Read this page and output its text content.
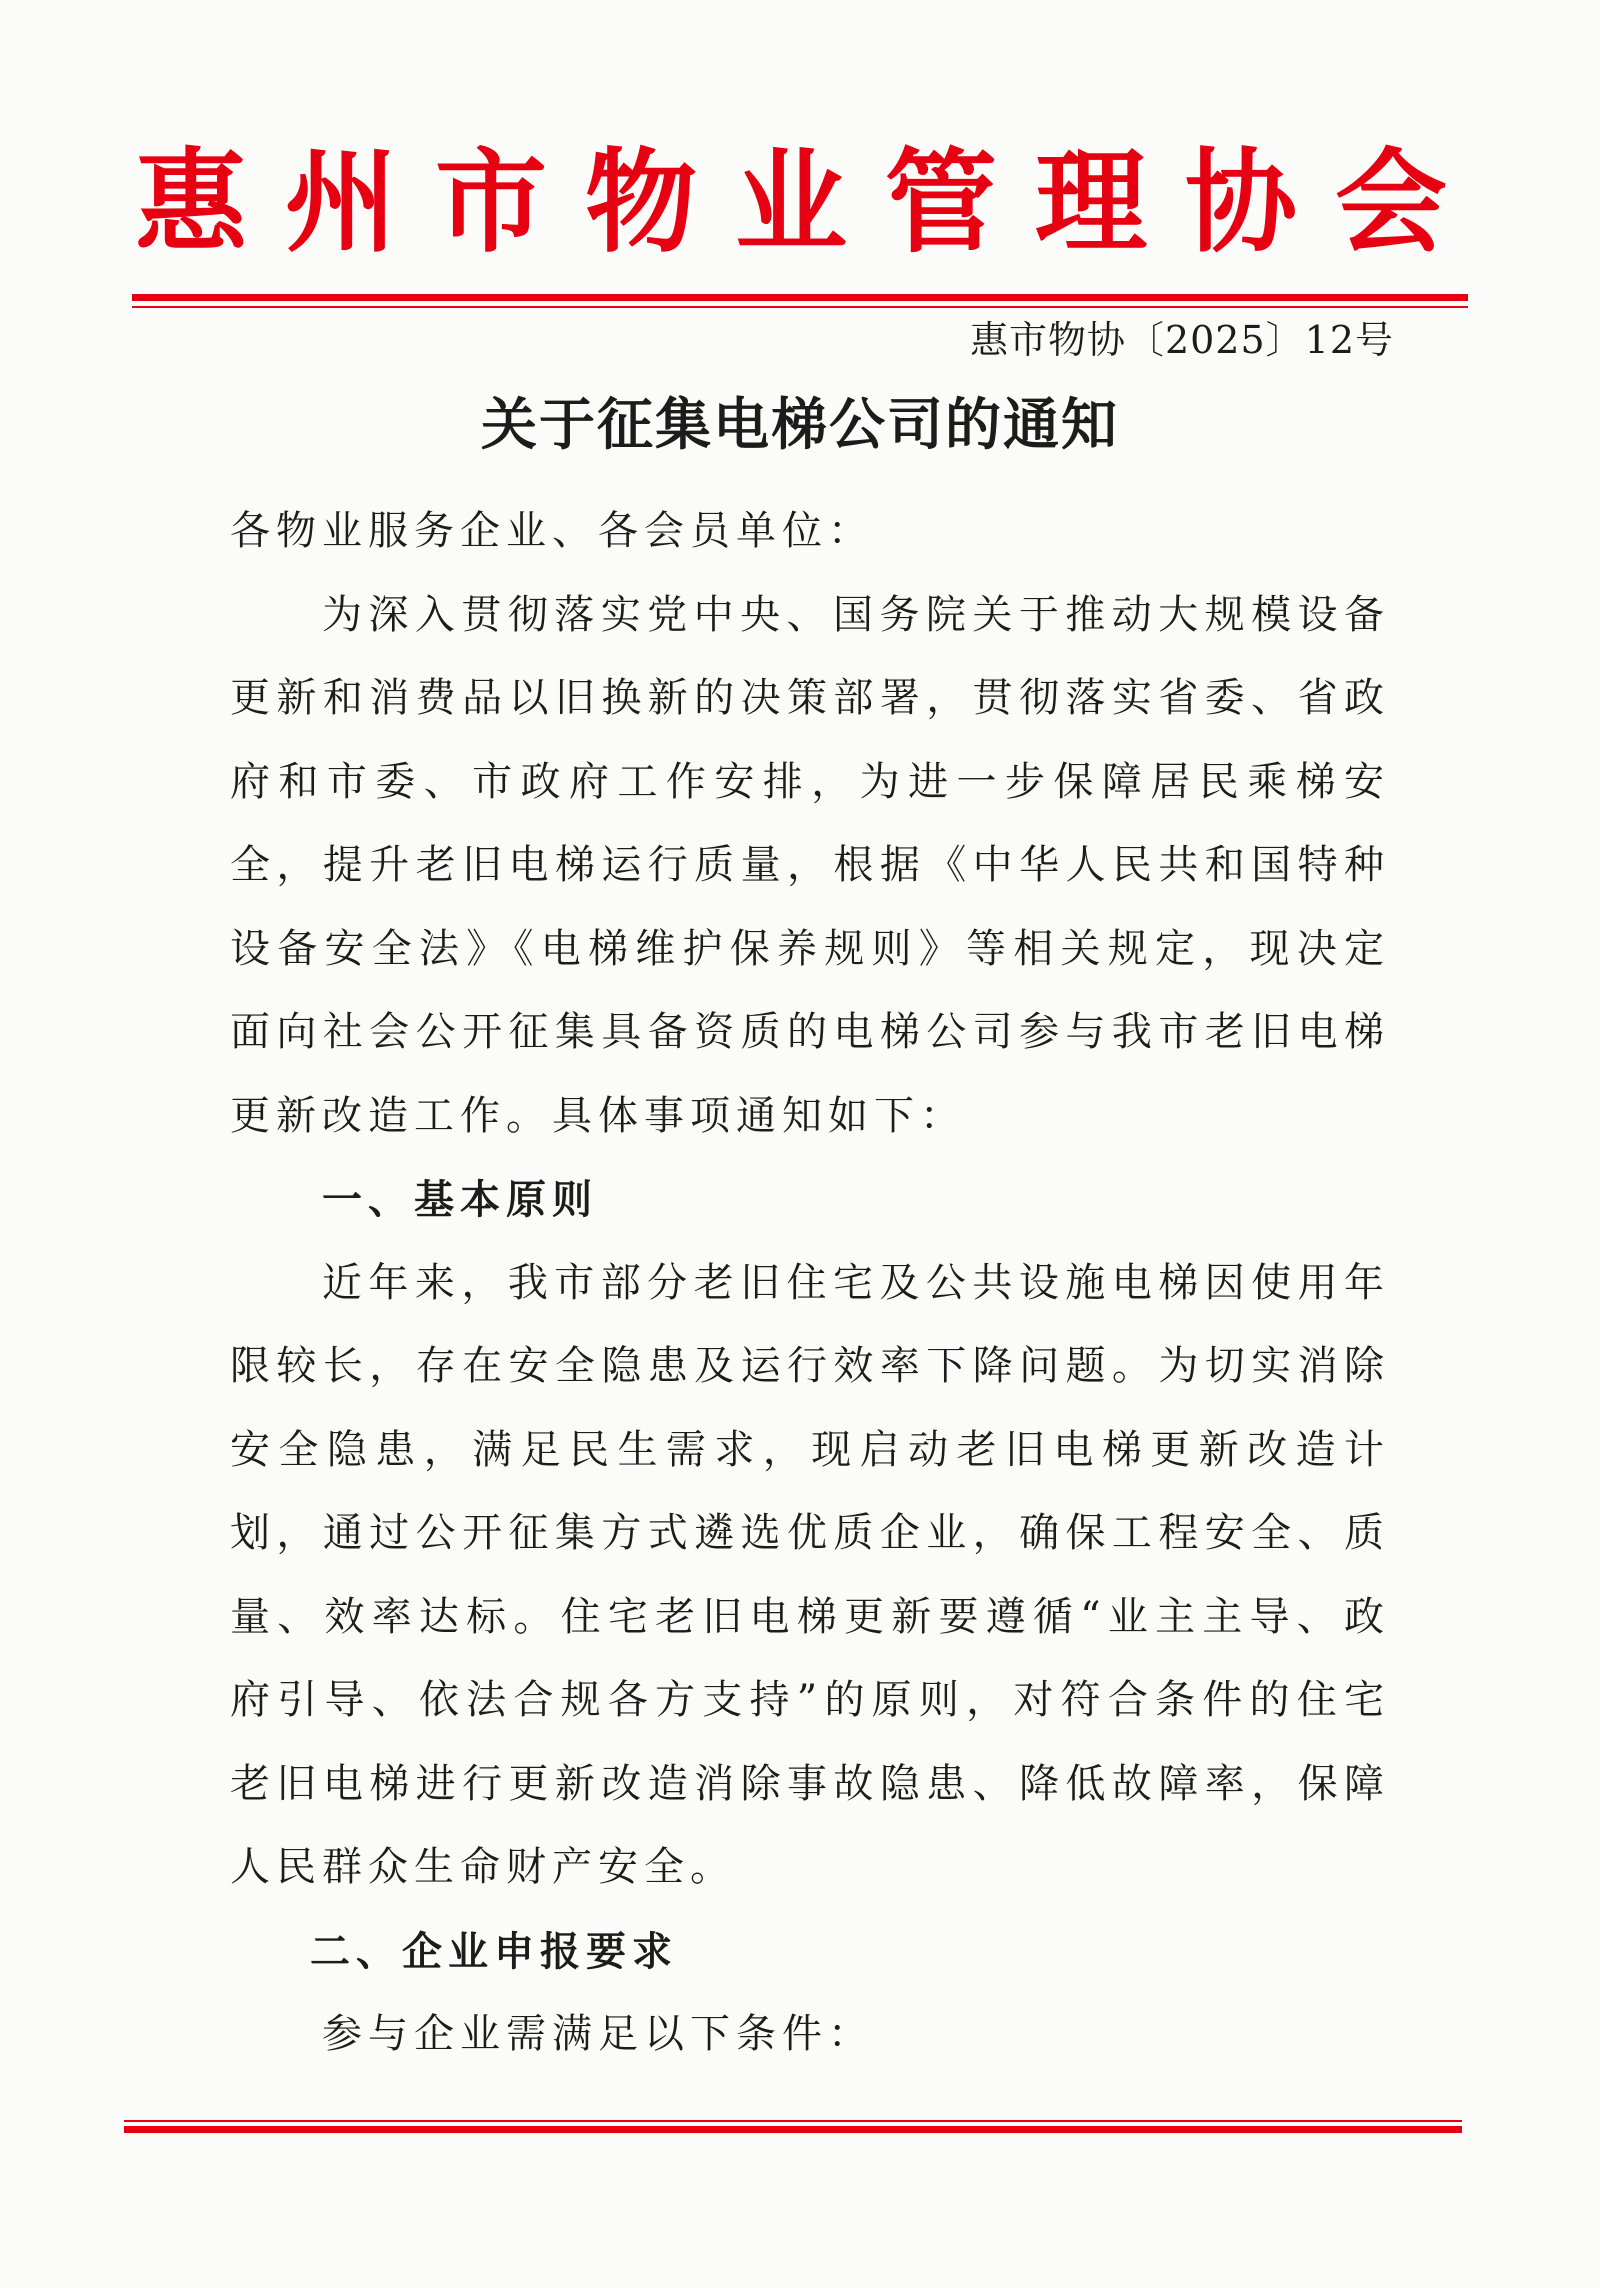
惠州市物业管理协会
惠市物协〔2025〕12号
关于征集电梯公司的通知

各物业服务企业、各会员单位：

为深入贯彻落实党中央、国务院关于推动大规模设备更新和消费品以旧换新的决策部署，贯彻落实省委、省政府和市委、市政府工作安排，为进一步保障居民乘梯安全，提升老旧电梯运行质量，根据《中华人民共和国特种设备安全法》《电梯维护保养规则》等相关规定，现决定面向社会公开征集具备资质的电梯公司参与我市老旧电梯更新改造工作。具体事项通知如下：

一、基本原则

近年来，我市部分老旧住宅及公共设施电梯因使用年限较长，存在安全隐患及运行效率下降问题。为切实消除安全隐患，满足民生需求，现启动老旧电梯更新改造计划，通过公开征集方式遴选优质企业，确保工程安全、质量、效率达标。住宅老旧电梯更新要遵循“业主主导、政府引导、依法合规各方支持”的原则，对符合条件的住宅老旧电梯进行更新改造消除事故隐患、降低故障率，保障人民群众生命财产安全。

二、企业申报要求

参与企业需满足以下条件：
